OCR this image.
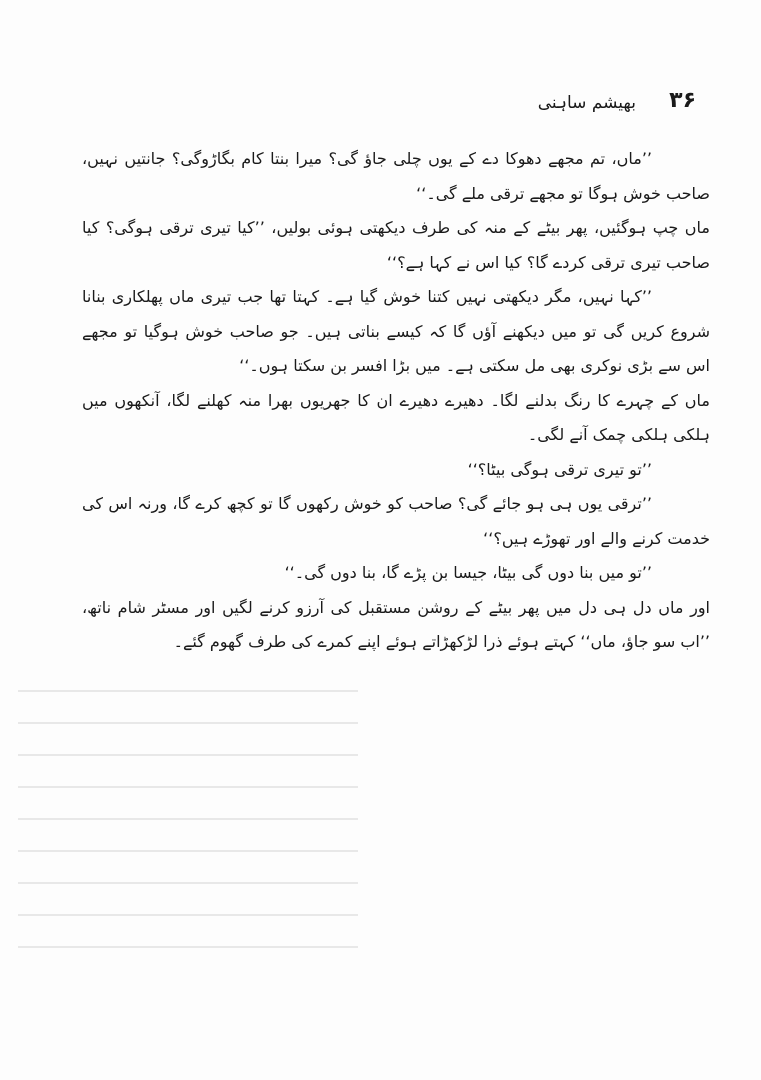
۳۶
بھیشم ساہنی

’’ماں، تم مجھے دھوکا دے کے یوں چلی جاؤ گی؟ میرا بنتا کام بگاڑوگی؟ جانتیں نہیں، صاحب خوش ہوگا تو مجھے ترقی ملے گی۔‘‘

ماں چپ ہوگئیں، پھر بیٹے کے منہ کی طرف دیکھتی ہوئی بولیں، ’’کیا تیری ترقی ہوگی؟ کیا صاحب تیری ترقی کردے گا؟ کیا اس نے کہا ہے؟‘‘

’’کہا نہیں، مگر دیکھتی نہیں کتنا خوش گیا ہے۔ کہتا تھا جب تیری ماں پھلکاری بنانا شروع کریں گی تو میں دیکھنے آؤں گا کہ کیسے بناتی ہیں۔ جو صاحب خوش ہوگیا تو مجھے اس سے بڑی نوکری بھی مل سکتی ہے۔ میں بڑا افسر بن سکتا ہوں۔‘‘

ماں کے چہرے کا رنگ بدلنے لگا۔ دھیرے دھیرے ان کا جھریوں بھرا منہ کھلنے لگا، آنکھوں میں ہلکی ہلکی چمک آنے لگی۔

’’تو تیری ترقی ہوگی بیٹا؟‘‘

’’ترقی یوں ہی ہو جائے گی؟ صاحب کو خوش رکھوں گا تو کچھ کرے گا، ورنہ اس کی خدمت کرنے والے اور تھوڑے ہیں؟‘‘

’’تو میں بنا دوں گی بیٹا، جیسا بن پڑے گا، بنا دوں گی۔‘‘

اور ماں دل ہی دل میں پھر بیٹے کے روشن مستقبل کی آرزو کرنے لگیں اور مسٹر شام ناتھ، ’’اب سو جاؤ، ماں‘‘ کہتے ہوئے ذرا لڑکھڑاتے ہوئے اپنے کمرے کی طرف گھوم گئے۔
